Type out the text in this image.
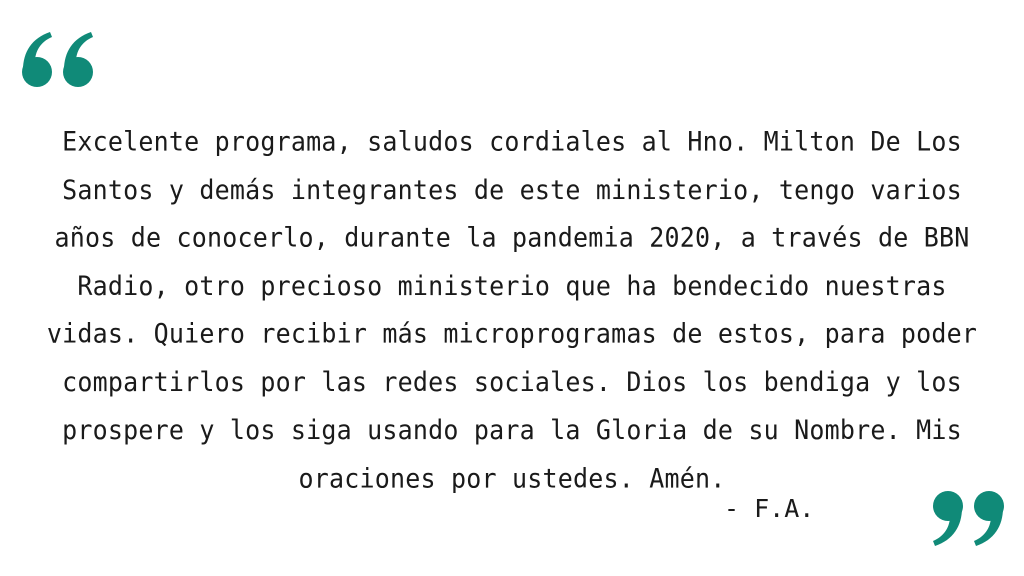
Excelente programa, saludos cordiales al Hno. Milton De Los Santos y demás integrantes de este ministerio, tengo varios años de conocerlo, durante la pandemia 2020, a través de BBN Radio, otro precioso ministerio que ha bendecido nuestras vidas. Quiero recibir más microprogramas de estos, para poder compartirlos por las redes sociales. Dios los bendiga y los prospere y los siga usando para la Gloria de su Nombre. Mis oraciones por ustedes. Amén.

- F.A.
